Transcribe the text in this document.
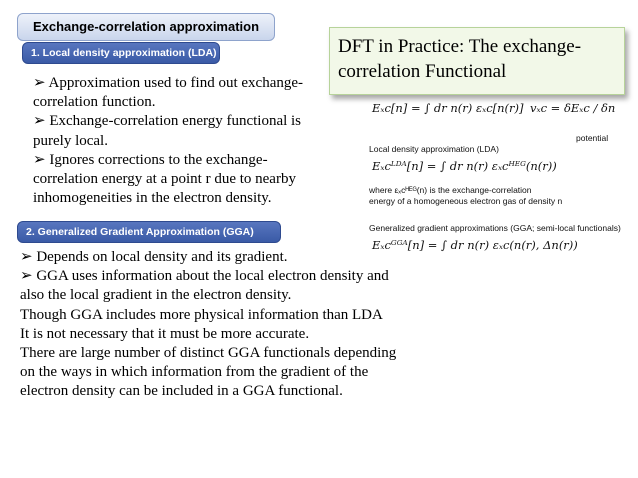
Exchange-correlation approximation
1. Local density approximation (LDA)
➢ Approximation used to find out exchange-
correlation function.
➢ Exchange-correlation energy functional is
purely local.
➢ Ignores corrections to the exchange-
correlation energy at a point r due to nearby
inhomogeneities in the electron density.
2. Generalized Gradient Approximation (GGA)
➢ Depends on local density and its gradient.
➢ GGA uses information about the local electron density and
also the local gradient in the electron density.
Though GGA includes more physical information than LDA
It is not necessary that it must be more accurate.
There are large number of distinct GGA functionals depending
on the ways in which information from the gradient of the
electron density can be included in a GGA functional.
DFT in Practice: The exchange-
correlation Functional
Eₓc[n] = ∫ dr n(r) εₓc[n(r)] vₓc = δEₓc / δn
potential
Local density approximation (LDA)
Eₓcᴸᴰᴬ[n] = ∫ dr n(r) εₓcᴴᴱᴳ(n(r))
where εₓcᴴᴱᴳ(n) is the exchange-correlation
energy of a homogeneous electron gas of density n
Generalized gradient approximations (GGA; semi-local functionals)
Eₓcᴳᴳᴬ[n] = ∫ dr n(r) εₓc(n(r), Δn(r))
